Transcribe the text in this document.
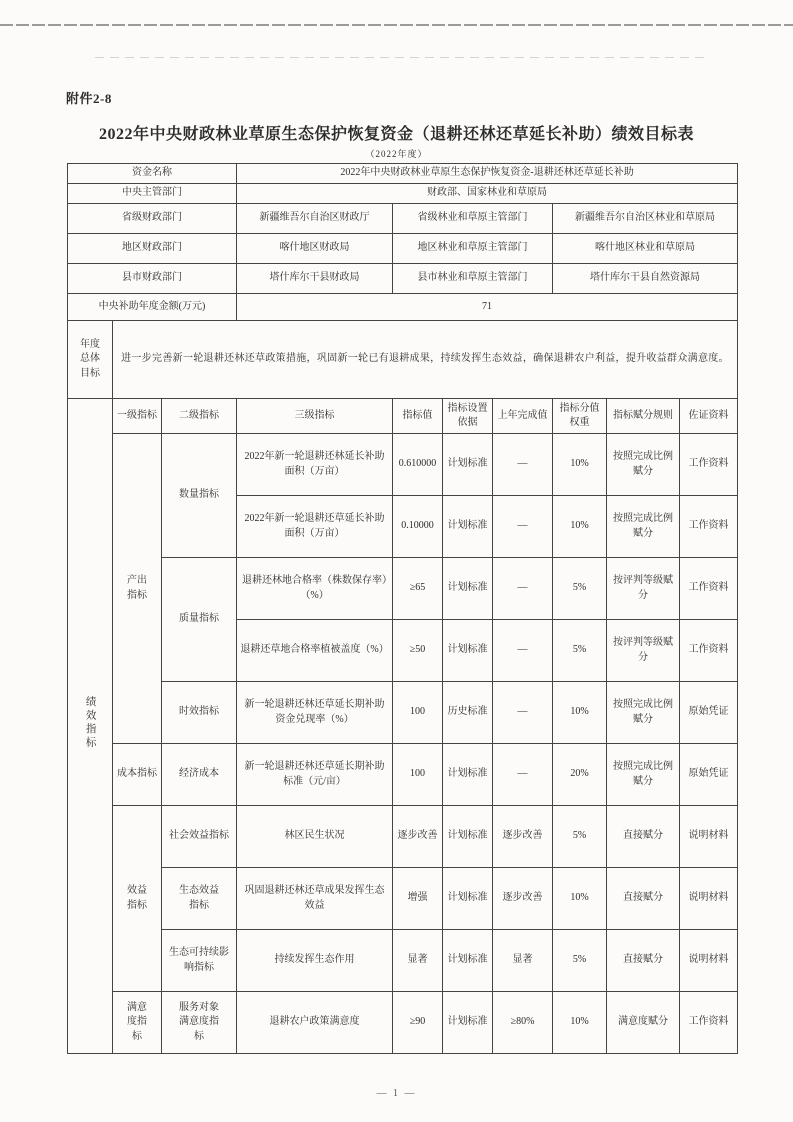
附件2-8
2022年中央财政林业草原生态保护恢复资金（退耕还林还草延长补助）绩效目标表
（2022年度）
资金名称			2022年中央财政林业草原生态保护恢复资金-退耕还林还草延长补助						
中央主管部门			财政部、国家林业和草原局						
省级财政部门			新疆维吾尔自治区财政厅	省级林业和草原主管部门			新疆维吾尔自治区林业和草原局		
地区财政部门			喀什地区财政局	地区林业和草原主管部门			喀什地区林业和草原局		
县市财政部门			塔什库尔干县财政局	县市林业和草原主管部门			塔什库尔干县自然资源局		
中央补助年度金额(万元)			71						
年度总体目标	进一步完善新一轮退耕还林还草政策措施，巩固新一轮已有退耕成果，持续发挥生态效益，确保退耕农户利益，提升收益群众满意度。								
绩效指标	一级指标	二级指标	三级指标	指标值	指标设置依据	上年完成值	指标分值权重	指标赋分规则	佐证资料
	产出指标	数量指标	2022年新一轮退耕还林延长补助面积（万亩）	0.610000	计划标准	—	10%	按照完成比例赋分	工作资料
			2022年新一轮退耕还草延长补助面积（万亩）	0.10000	计划标准	—	10%	按照完成比例赋分	工作资料
		质量指标	退耕还林地合格率（株数保存率）（%）	≥65	计划标准	—	5%	按评判等级赋分	工作资料
			退耕还草地合格率植被盖度（%）	≥50	计划标准	—	5%	按评判等级赋分	工作资料
		时效指标	新一轮退耕还林还草延长期补助资金兑现率（%）	100	历史标准	—	10%	按照完成比例赋分	原始凭证
	成本指标	经济成本	新一轮退耕还林还草延长期补助标准（元/亩）	100	计划标准	—	20%	按照完成比例赋分	原始凭证
	效益指标	社会效益指标	林区民生状况	逐步改善	计划标准	逐步改善	5%	直接赋分	说明材料
		生态效益指标	巩固退耕还林还草成果发挥生态效益	增强	计划标准	逐步改善	10%	直接赋分	说明材料
		生态可持续影响指标	持续发挥生态作用	显著	计划标准	显著	5%	直接赋分	说明材料
	满意度指标	服务对象满意度指标	退耕农户政策满意度	≥90	计划标准	≥80%	10%	满意度赋分	工作资料
— 1 —
